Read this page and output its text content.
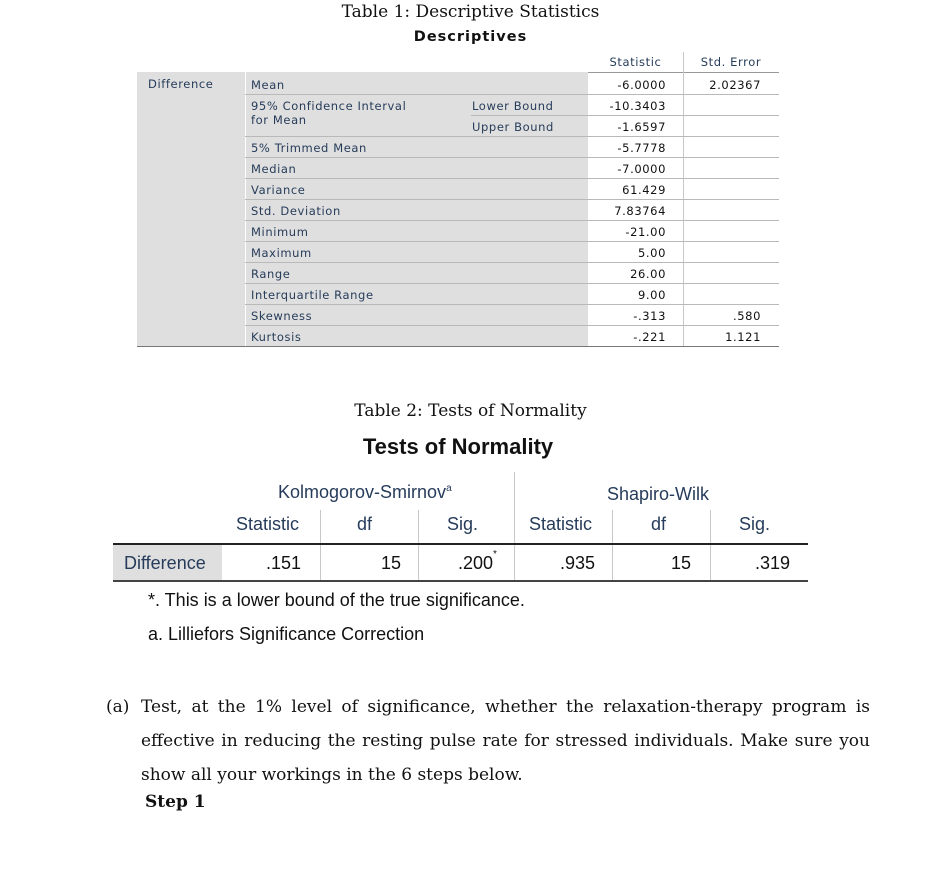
Table 1: Descriptive Statistics
Descriptives
Statistic	Std. Error
Difference	Mean	-6.0000	2.02367
95% Confidence Interval
for Mean
Lower Bound	-10.3403
Upper Bound	-1.6597
5% Trimmed Mean	-5.7778
Median	-7.0000
Variance	61.429
Std. Deviation	7.83764
Minimum	-21.00
Maximum	5.00
Range	26.00
Interquartile Range	9.00
Skewness	-.313	.580
Kurtosis	-.221	1.121
Table 2: Tests of Normality
Tests of Normality
Kolmogorov-Smirnov$^a$	Shapiro-Wilk
Statistic	df	Sig.	Statistic	df	Sig.
Difference	.151	15	.200 *	.935	15	.319
*. This is a lower bound of the true significance.
a. Lilliefors Significance Correction
(a) Test, at the 1% level of significance, whether the relaxation-therapy program is effective in reducing the resting pulse rate for stressed individuals. Make sure you show all your workings in the 6 steps below.
Step 1
